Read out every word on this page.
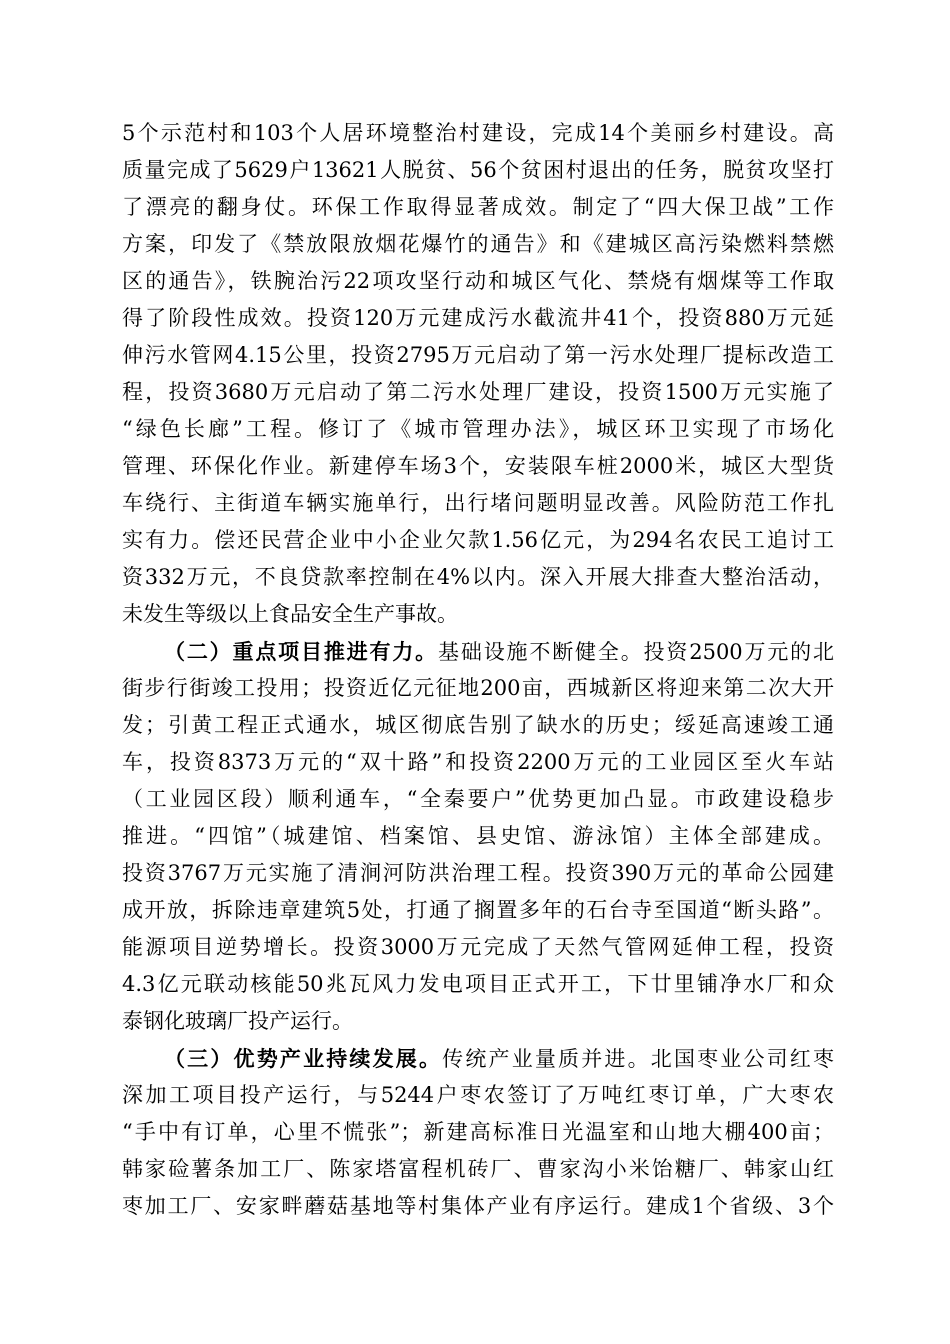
5个示范村和103个人居环境整治村建设，完成14个美丽乡村建设。高
质量完成了5629户13621人脱贫、56个贫困村退出的任务，脱贫攻坚打
了漂亮的翻身仗。环保工作取得显著成效。制定了“四大保卫战”工作
方案，印发了《禁放限放烟花爆竹的通告》和《建城区高污染燃料禁燃
区的通告》，铁腕治污22项攻坚行动和城区气化、禁烧有烟煤等工作取
得了阶段性成效。投资120万元建成污水截流井41个，投资880万元延
伸污水管网4.15公里，投资2795万元启动了第一污水处理厂提标改造工
程，投资3680万元启动了第二污水处理厂建设，投资1500万元实施了
“绿色长廊”工程。修订了《城市管理办法》，城区环卫实现了市场化
管理、环保化作业。新建停车场3个，安装限车桩2000米，城区大型货
车绕行、主街道车辆实施单行，出行堵问题明显改善。风险防范工作扎
实有力。偿还民营企业中小企业欠款1.56亿元，为294名农民工追讨工
资332万元，不良贷款率控制在4%以内。深入开展大排查大整治活动，
未发生等级以上食品安全生产事故。
（二）重点项目推进有力。基础设施不断健全。投资2500万元的北
街步行街竣工投用；投资近亿元征地200亩，西城新区将迎来第二次大开
发；引黄工程正式通水，城区彻底告别了缺水的历史；绥延高速竣工通
车，投资8373万元的“双十路”和投资2200万元的工业园区至火车站
（工业园区段）顺利通车，“全秦要户”优势更加凸显。市政建设稳步
推进。“四馆”（城建馆、档案馆、县史馆、游泳馆）主体全部建成。
投资3767万元实施了清涧河防洪治理工程。投资390万元的革命公园建
成开放，拆除违章建筑5处，打通了搁置多年的石台寺至国道“断头路”。
能源项目逆势增长。投资3000万元完成了天然气管网延伸工程，投资
4.3亿元联动核能50兆瓦风力发电项目正式开工，下廿里铺净水厂和众
泰钢化玻璃厂投产运行。
（三）优势产业持续发展。传统产业量质并进。北国枣业公司红枣
深加工项目投产运行，与5244户枣农签订了万吨红枣订单，广大枣农
“手中有订单，心里不慌张”；新建高标准日光温室和山地大棚400亩；
韩家硷薯条加工厂、陈家塔富程机砖厂、曹家沟小米饴糖厂、韩家山红
枣加工厂、安家畔蘑菇基地等村集体产业有序运行。建成1个省级、3个
